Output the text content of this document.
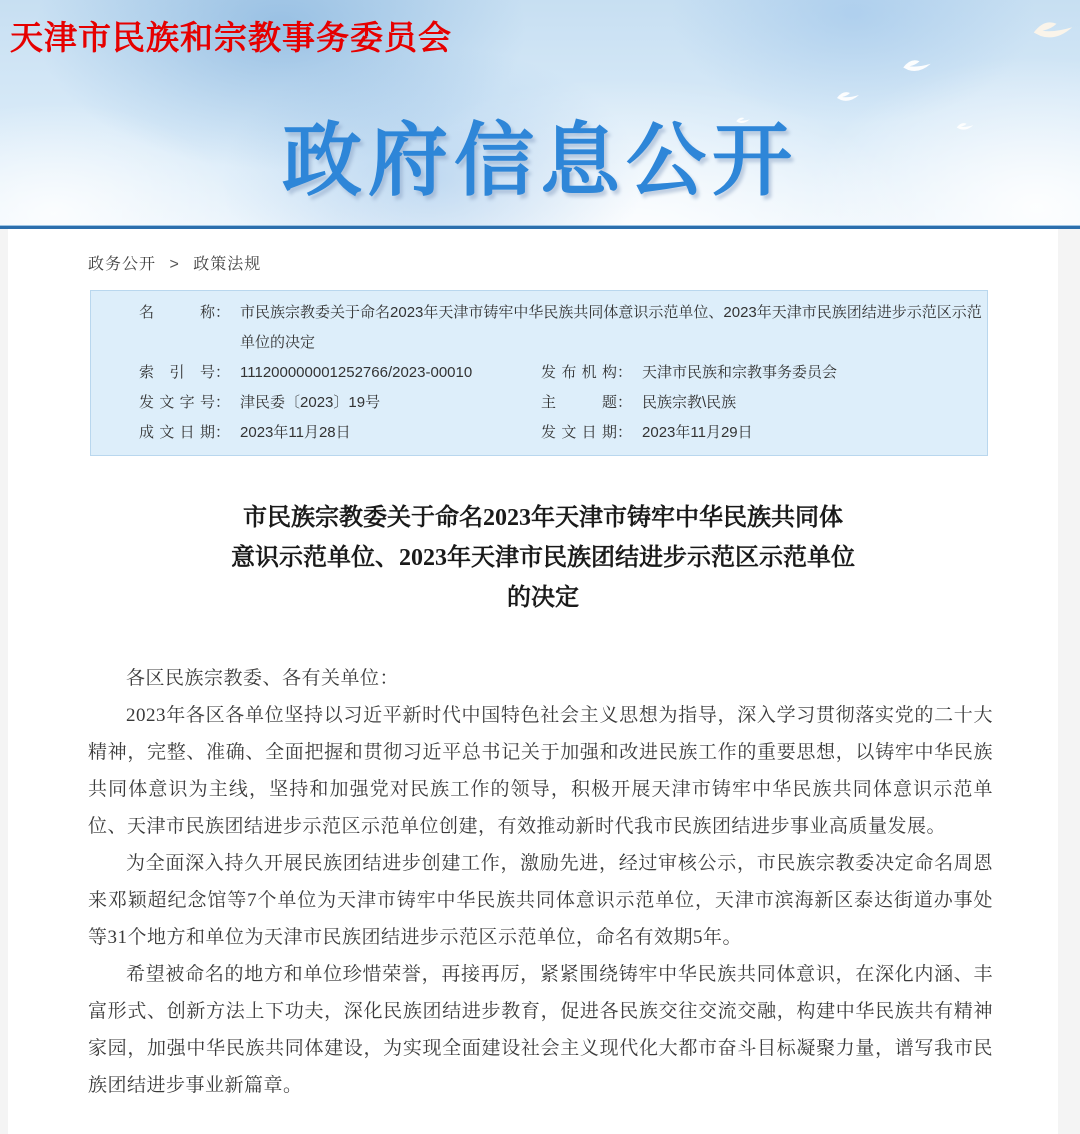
天津市民族和宗教事务委员会
政府信息公开
政务公开 > 政策法规
名称 ： 市民族宗教委关于命名2023年天津市铸牢中华民族共同体意识示范单位、2023年天津市民族团结进步示范区示范单位的决定
索引号 ： 111200000001252766/2023-00010	发布机构 ： 天津市民族和宗教事务委员会
发文字号 ： 津民委〔2023〕19号	主题 ： 民族宗教\民族
成文日期 ： 2023年11月28日	发文日期 ： 2023年11月29日
市民族宗教委关于命名2023年天津市铸牢中华民族共同体
意识示范单位、2023年天津市民族团结进步示范区示范单位
的决定

各区民族宗教委、各有关单位：

2023年各区各单位坚持以习近平新时代中国特色社会主义思想为指导，深入学习贯彻落实党的二十大精神，完整、准确、全面把握和贯彻习近平总书记关于加强和改进民族工作的重要思想，以铸牢中华民族共同体意识为主线，坚持和加强党对民族工作的领导，积极开展天津市铸牢中华民族共同体意识示范单位、天津市民族团结进步示范区示范单位创建，有效推动新时代我市民族团结进步事业高质量发展。

为全面深入持久开展民族团结进步创建工作，激励先进，经过审核公示，市民族宗教委决定命名周恩来邓颖超纪念馆等7个单位为天津市铸牢中华民族共同体意识示范单位，天津市滨海新区泰达街道办事处等31个地方和单位为天津市民族团结进步示范区示范单位，命名有效期5年。

希望被命名的地方和单位珍惜荣誉，再接再厉，紧紧围绕铸牢中华民族共同体意识，在深化内涵、丰富形式、创新方法上下功夫，深化民族团结进步教育，促进各民族交往交流交融，构建中华民族共有精神家园，加强中华民族共同体建设，为实现全面建设社会主义现代化大都市奋斗目标凝聚力量，谱写我市民族团结进步事业新篇章。
